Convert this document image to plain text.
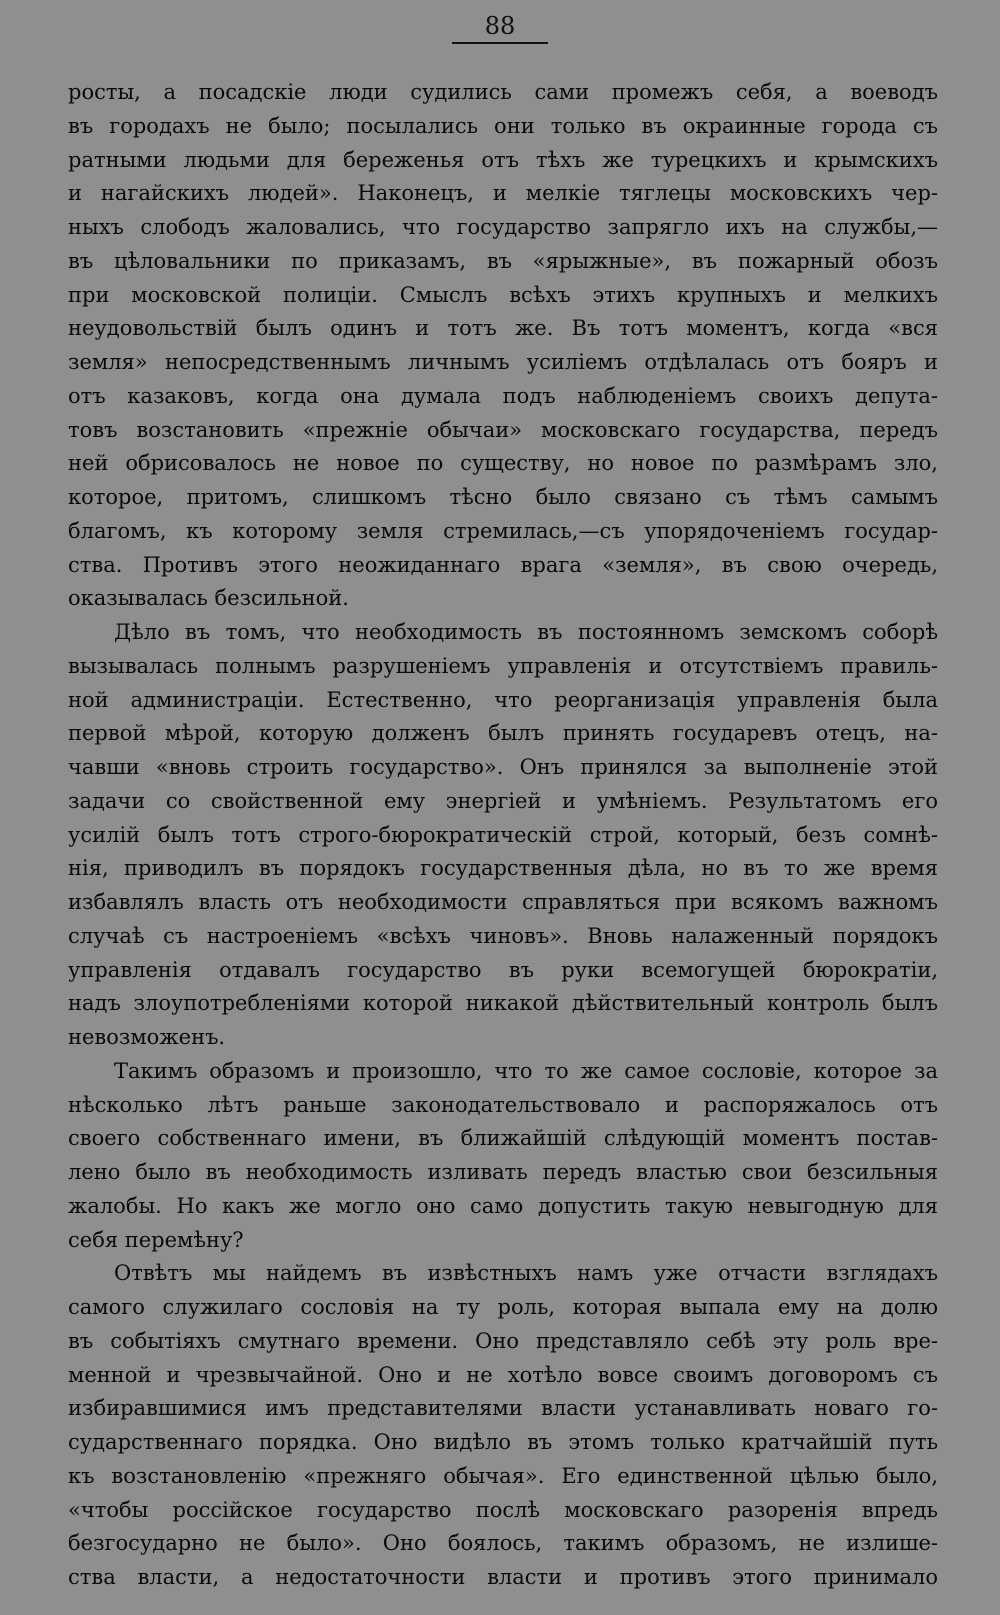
88
росты, а посадскіе люди судились сами промежъ себя, а воеводъ
въ городахъ не было; посылались они только въ окраинные города съ
ратными людьми для береженья отъ тѣхъ же турецкихъ и крымскихъ
и нагайскихъ людей». Наконецъ, и мелкіе тяглецы московскихъ чер-
ныхъ слободъ жаловались, что государство запрягло ихъ на службы,—
въ цѣловальники по приказамъ, въ «ярыжные», въ пожарный обозъ
при московской полиціи. Смыслъ всѣхъ этихъ крупныхъ и мелкихъ
неудовольствій былъ одинъ и тотъ же. Въ тотъ моментъ, когда «вся
земля» непосредственнымъ личнымъ усиліемъ отдѣлалась отъ бояръ и
отъ казаковъ, когда она думала подъ наблюденіемъ своихъ депута-
товъ возстановить «прежніе обычаи» московскаго государства, передъ
ней обрисовалось не новое по существу, но новое по размѣрамъ зло,
которое, притомъ, слишкомъ тѣсно было связано съ тѣмъ самымъ
благомъ, къ которому земля стремилась,—съ упорядоченіемъ государ-
ства. Противъ этого неожиданнаго врага «земля», въ свою очередь,
оказывалась безсильной.
Дѣло въ томъ, что необходимость въ постоянномъ земскомъ соборѣ
вызывалась полнымъ разрушеніемъ управленія и отсутствіемъ правиль-
ной администраціи. Естественно, что реорганизація управленія была
первой мѣрой, которую долженъ былъ принять государевъ отецъ, на-
чавши «вновь строить государство». Онъ принялся за выполненіе этой
задачи со свойственной ему энергіей и умѣніемъ. Результатомъ его
усилій былъ тотъ строго-бюрократическій строй, который, безъ сомнѣ-
нія, приводилъ въ порядокъ государственныя дѣла, но въ то же время
избавлялъ власть отъ необходимости справляться при всякомъ важномъ
случаѣ съ настроеніемъ «всѣхъ чиновъ». Вновь налаженный порядокъ
управленія отдавалъ государство въ руки всемогущей бюрократіи,
надъ злоупотребленіями которой никакой дѣйствительный контроль былъ
невозможенъ.
Такимъ образомъ и произошло, что то же самое сословіе, которое за
нѣсколько лѣтъ раньше законодательствовало и распоряжалось отъ
своего собственнаго имени, въ ближайшій слѣдующій моментъ постав-
лено было въ необходимость изливать передъ властью свои безсильныя
жалобы. Но какъ же могло оно само допустить такую невыгодную для
себя перемѣну?
Отвѣтъ мы найдемъ въ извѣстныхъ намъ уже отчасти взглядахъ
самого служилаго сословія на ту роль, которая выпала ему на долю
въ событіяхъ смутнаго времени. Оно представляло себѣ эту роль вре-
менной и чрезвычайной. Оно и не хотѣло вовсе своимъ договоромъ съ
избиравшимися имъ представителями власти устанавливать новаго го-
сударственнаго порядка. Оно видѣло въ этомъ только кратчайшій путь
къ возстановленію «прежняго обычая». Его единственной цѣлью было,
«чтобы россійское государство послѣ московскаго разоренія впредь
безгосударно не было». Оно боялось, такимъ образомъ, не излише-
ства власти, а недостаточности власти и противъ этого принимало
